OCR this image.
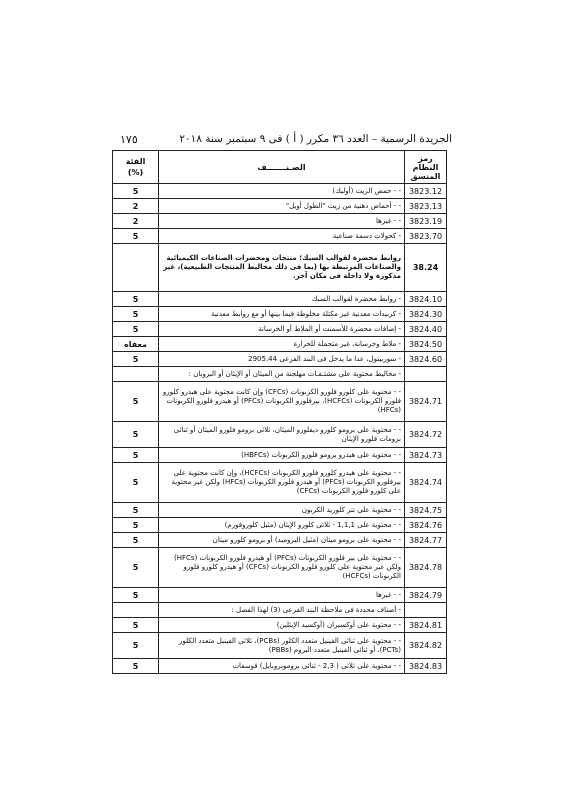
الجريدة الرسمية – العدد ٣٦ مكرر ( أ ) فى ٩ سبتمبر سنة ٢٠١٨
١٧٥
رمز النظام المنسق	الصـنـــــــف	الفئة
(%)
3823.12	- - حمض الزيت (أوليك)	5
3823.13	- - أحماض دهنية من زيت "الطول أويل"	2
3823.19	- - غيرها	2
3823.70	- كحولات دسمة صناعية	5
38.24	روابط محضرة لقوالب السبك؛ منتجات ومحضرات الصناعات الكيميائية والصناعات المرتبطة بها (بما فى ذلك مخاليط المنتجات الطبيعية)، غير مذكورة ولا داخلة فى مكان آخر.	
3824.10	- روابط محضرة لقوالب السبك	5
3824.30	- كربيدات معدنية غير مكتلة مخلوطة فيما بينها أو مع روابط معدنية	5
3824.40	- إضافات محضرة للأسمنت أو الملاط أو الخرسانة	5
3824.50	- ملاط وخرسانة، غير متحملة للحرارة	معفاه
3824.60	- سوربيتول، عدا ما يدخل فى البند الفرعى 2905.44	5
	- مخاليط محتوية على مشتـقـات مهلجنة من الميثان أو الإيثان أو البروبان :	
3824.71	- - محتوية على كلورو فلورو الكربونات (CFCs) وإن كانت محتوية على هيدرو كلورو فلورو الكربونات (HCFCs)، بيرفلورو الكربونات (PFCs) أو هيدرو فلورو الكربونات (HFCs)	5
3824.72	- - محتوية على برومو كلورو ديفلورو الميثان، ثلاثى برومو فلورو الميثان أو ثنائى برومات فلورو الإيثان	5
3824.73	- - محتوية على هيدرو برومو فلورو الكربونات (HBFCs)	5
3824.74	- - محتوية على هيدرو كلورو فلورو الكربونات (HCFCs)، وإن كانت محتوية على بيرفلورو الكربونات (PFCs) أو هيدرو فلورو الكربونات (HFCs) ولكن غير محتوية على كلورو فلورو الكربونات (CFCs)	5
3824.75	- - محتوية على تتر كلوريد الكربون	5
3824.76	- - محتوية على 1,1,1 - ثلاثى كلورو الإيثان (مثيل كلوروفورم)	5
3824.77	- - محتوية على برومو ميثان (مثيل البروميد) أو برومو كلورو ميثان	5
3824.78	- - محتوية على بير فلورو الكربونات (PFCs) أو هيدرو فلورو الكربونات (HFCs) ولكن غير محتوية على كلورو فلورو الكربونات (CFCs) أو هيدرو كلورو فلورو الكربونات (HCFCs)	5
3824.79	- - غيرها	5
	- أصناف محددة فى ملاحظة البند الفرعى (3) لهذا الفصل :	
3824.81	- - محتوية على أوكسيران (أوكسيد الإيثلين)	5
3824.82	- - محتوية على ثنائى الفينيل متعدد الكلور (PCBs)، ثلاثى الفينيل متعدد الكلور (PCTs)، أو ثنائى الفينيل متعدد البروم (PBBs)	5
3824.83	- - محتوية على ثلاثى ( 2,3 - ثنائى بروموبروبايل) فوسفات	5
